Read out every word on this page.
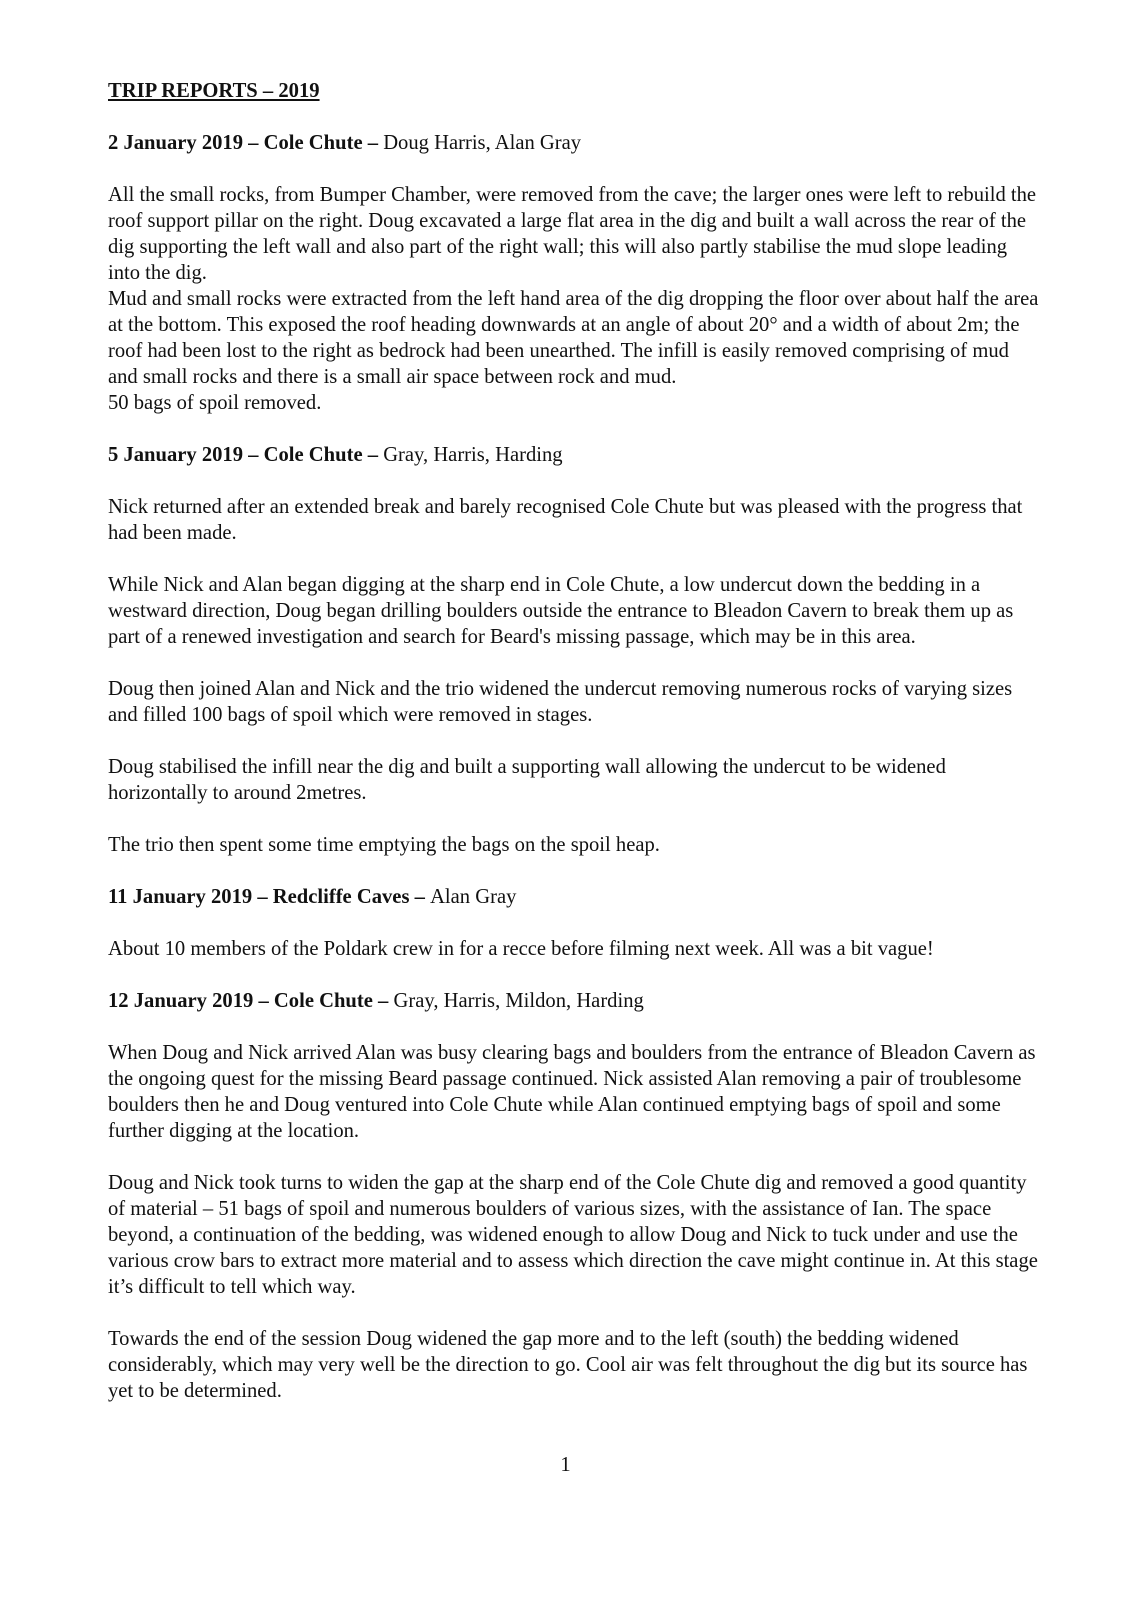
TRIP REPORTS – 2019
2 January 2019 – Cole Chute – Doug Harris, Alan Gray
All the small rocks, from Bumper Chamber, were removed from the cave; the larger ones were left to rebuild the roof support pillar on the right. Doug excavated a large flat area in the dig and built a wall across the rear of the dig supporting the left wall and also part of the right wall; this will also partly stabilise the mud slope leading into the dig.
Mud and small rocks were extracted from the left hand area of the dig dropping the floor over about half the area at the bottom. This exposed the roof heading downwards at an angle of about 20° and a width of about 2m; the roof had been lost to the right as bedrock had been unearthed. The infill is easily removed comprising of mud and small rocks and there is a small air space between rock and mud.
50 bags of spoil removed.
5 January 2019 – Cole Chute – Gray, Harris, Harding
Nick returned after an extended break and barely recognised Cole Chute but was pleased with the progress that had been made.
While Nick and Alan began digging at the sharp end in Cole Chute, a low undercut down the bedding in a westward direction, Doug began drilling boulders outside the entrance to Bleadon Cavern to break them up as part of a renewed investigation and search for Beard's missing passage, which may be in this area.
Doug then joined Alan and Nick and the trio widened the undercut removing numerous rocks of varying sizes and filled 100 bags of spoil which were removed in stages.
Doug stabilised the infill near the dig and built a supporting wall allowing the undercut to be widened horizontally to around 2metres.
The trio then spent some time emptying the bags on the spoil heap.
11 January 2019 – Redcliffe Caves – Alan Gray
About 10 members of the Poldark crew in for a recce before filming next week. All was a bit vague!
12 January 2019 – Cole Chute – Gray, Harris, Mildon, Harding
When Doug and Nick arrived Alan was busy clearing bags and boulders from the entrance of Bleadon Cavern as the ongoing quest for the missing Beard passage continued. Nick assisted Alan removing a pair of troublesome boulders then he and Doug ventured into Cole Chute while Alan continued emptying bags of spoil and some further digging at the location.
Doug and Nick took turns to widen the gap at the sharp end of the Cole Chute dig and removed a good quantity of material – 51 bags of spoil and numerous boulders of various sizes, with the assistance of Ian. The space beyond, a continuation of the bedding, was widened enough to allow Doug and Nick to tuck under and use the various crow bars to extract more material and to assess which direction the cave might continue in. At this stage it’s difficult to tell which way.
Towards the end of the session Doug widened the gap more and to the left (south) the bedding widened considerably, which may very well be the direction to go. Cool air was felt throughout the dig but its source has yet to be determined.
1
